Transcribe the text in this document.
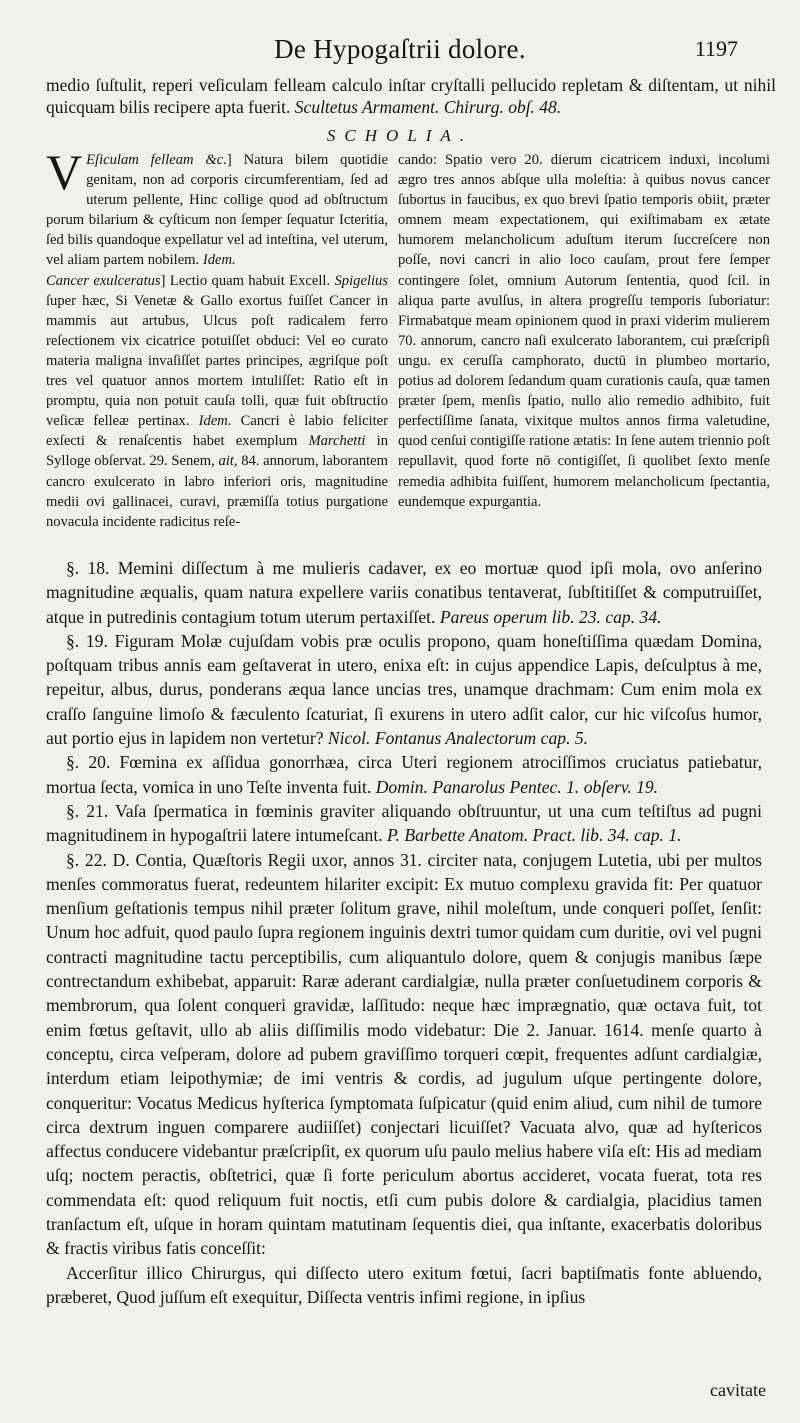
De Hypogaſtrii dolore.	1197
medio ſuſtulit, reperi veſiculam felleam calculo inſtar cryſtalli pellucido repletam & diſtentam, ut nihil quicquam bilis recipere apta fuerit. Scultetus Armament. Chirurg. obſ. 48.
SCHOLIA.

V Eſiculam felleam &c.] Natura bilem quotidie genitam, non ad corporis circumferentiam, ſed ad uterum pellente, Hinc collige quod ad obſtructum porum bilarium & cyſticum non ſemper ſequatur Icteritia, ſed bilis quandoque expellatur vel ad inteſtina, vel uterum, vel aliam partem nobilem. Idem.

Cancer exulceratus] Lectio quam habuit Excell. Spigelius ſuper hæc, Si Venetæ & Gallo exortus fuiſſet Cancer in mammis aut artubus, Ulcus poſt radicalem ferro reſectionem vix cicatrice potuiſſet obduci: Vel eo curato materia maligna invaſiſſet partes principes, ægriſque poſt tres vel quatuor annos mortem intuliſſet: Ratio eſt in promptu, quia non potuit cauſa tolli, quæ fuit obſtructio veſicæ felleæ pertinax. Idem. Cancri è labio feliciter exſecti & renaſcentis habet exemplum Marchetti in Sylloge obſervat. 29. Senem, ait, 84. annorum, laborantem cancro exulcerato in labro inferiori oris, magnitudine medii ovi gallinacei, curavi, præmiſſa totius purgatione novacula incidente radicitus reſe-

cando: Spatio vero 20. dierum cicatricem induxi, incolumi ægro tres annos abſque ulla moleſtia: à quibus novus cancer ſubortus in faucibus, ex quo brevi ſpatio temporis obiit, præter omnem meam expectationem, qui exiſtimabam ex ætate humorem melancholicum aduſtum iterum ſuccreſcere non poſſe, novi cancri in alio loco cauſam, prout fere ſemper contingere ſolet, omnium Autorum ſententia, quod ſcil. in aliqua parte avulſus, in altera progreſſu temporis ſuboriatur: Firmabatque meam opinionem quod in praxi viderim mulierem 70. annorum, cancro naſi exulcerato laborantem, cui præſcripſi ungu. ex ceruſſa camphorato, ductū in plumbeo mortario, potius ad dolorem ſedandum quam curationis cauſa, quæ tamen præter ſpem, menſis ſpatio, nullo alio remedio adhibito, fuit perfectiſſime ſanata, vixitque multos annos firma valetudine, quod cenſui contigiſſe ratione ætatis: In ſene autem triennio poſt repullavit, quod forte nō contigiſſet, ſi quolibet ſexto menſe remedia adhibita fuiſſent, humorem melancholicum ſpectantia, eundemque expurgantia.

§. 18. Memini diſſectum à me mulieris cadaver, ex eo mortuæ quod ipſi mola, ovo anſerino magnitudine æqualis, quam natura expellere variis conatibus tentaverat, ſubſtitiſſet & computruiſſet, atque in putredinis contagium totum uterum pertaxiſſet. Pareus operum lib. 23. cap. 34.

§. 19. Figuram Molæ cujuſdam vobis præ oculis propono, quam honeſtiſſima quædam Domina, poſtquam tribus annis eam geſtaverat in utero, enixa eſt: in cujus appendice Lapis, deſculptus à me, repeitur, albus, durus, ponderans æqua lance uncias tres, unamque drachmam: Cum enim mola ex craſſo ſanguine limoſo & fæculento ſcaturiat, ſi exurens in utero adſit calor, cur hic viſcoſus humor, aut portio ejus in lapidem non vertetur? Nicol. Fontanus Analectorum cap. 5.

§. 20. Fœmina ex aſſidua gonorrhæa, circa Uteri regionem atrociſſimos cruciatus patiebatur, mortua ſecta, vomica in uno Teſte inventa fuit. Domin. Panarolus Pentec. 1. obſerv. 19.

§. 21. Vaſa ſpermatica in fœminis graviter aliquando obſtruuntur, ut una cum teſtiſtus ad pugni magnitudinem in hypogaſtrii latere intumeſcant. P. Barbette Anatom. Pract. lib. 34. cap. 1.

§. 22. D. Contia, Quæſtoris Regii uxor, annos 31. circiter nata, conjugem Lutetia, ubi per multos menſes commoratus fuerat, redeuntem hilariter excipit: Ex mutuo complexu gravida fit: Per quatuor menſium geſtationis tempus nihil præter ſolitum grave, nihil moleſtum, unde conqueri poſſet, ſenſit: Unum hoc adfuit, quod paulo ſupra regionem inguinis dextri tumor quidam cum duritie, ovi vel pugni contracti magnitudine tactu perceptibilis, cum aliquantulo dolore, quem & conjugis manibus ſæpe contrectandum exhibebat, apparuit: Raræ aderant cardialgiæ, nulla præter conſuetudinem corporis & membrorum, qua ſolent conqueri gravidæ, laſſitudo: neque hæc imprægnatio, quæ octava fuit, tot enim fœtus geſtavit, ullo ab aliis diſſimilis modo videbatur: Die 2. Januar. 1614. menſe quarto à conceptu, circa veſperam, dolore ad pubem graviſſimo torqueri cœpit, frequentes adſunt cardialgiæ, interdum etiam leipothymiæ; de imi ventris & cordis, ad jugulum uſque pertingente dolore, conqueritur: Vocatus Medicus hyſterica ſymptomata ſuſpicatur (quid enim aliud, cum nihil de tumore circa dextrum inguen comparere audiiſſet) conjectari licuiſſet? Vacuata alvo, quæ ad hyſtericos affectus conducere videbantur præſcripſit, ex quorum uſu paulo melius habere viſa eſt: His ad mediam uſq; noctem peractis, obſtetrici, quæ ſi forte periculum abortus accideret, vocata fuerat, tota res commendata eſt: quod reliquum fuit noctis, etſi cum pubis dolore & cardialgia, placidius tamen tranſactum eſt, uſque in horam quintam matutinam ſequentis diei, qua inſtante, exacerbatis doloribus & fractis viribus fatis conceſſit:

Accerſitur illico Chirurgus, qui diſſecto utero exitum fœtui, ſacri baptiſmatis fonte abluendo, præberet, Quod juſſum eſt exequitur, Diſſecta ventris infimi regione, in ipſius

cavitate
